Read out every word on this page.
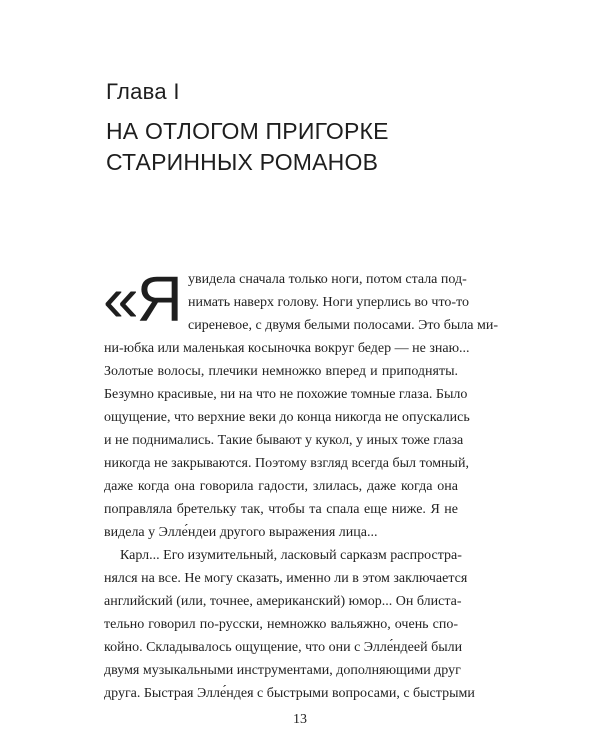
Глава I
НА ОТЛОГОМ ПРИГОРКЕ СТАРИННЫХ РОМАНОВ
«Я увидела сначала только ноги, потом стала под-
нимать наверх голову. Ноги уперлись во что-то
сиреневое, с двумя белыми полосами. Это была ми-
ни-юбка или маленькая косыночка вокруг бедер — не знаю...
Золотые волосы, плечики немножко вперед и приподняты.
Безумно красивые, ни на что не похожие томные глаза. Было
ощущение, что верхние веки до конца никогда не опускались
и не поднимались. Такие бывают у кукол, у иных тоже глаза
никогда не закрываются. Поэтому взгляд всегда был томный,
даже когда она говорила гадости, злилась, даже когда она
поправляла бретельку так, чтобы та спала еще ниже. Я не
видела у Элле́ндеи другого выражения лица...
Карл... Его изумительный, ласковый сарказм распростра-
нялся на все. Не могу сказать, именно ли в этом заключается
английский (или, точнее, американский) юмор... Он блиста-
тельно говорил по-русски, немножко вальяжно, очень спо-
койно. Складывалось ощущение, что они с Элле́ндеей были
двумя музыкальными инструментами, дополняющими друг
друга. Быстрая Элле́ндея с быстрыми вопросами, с быстрыми
13
